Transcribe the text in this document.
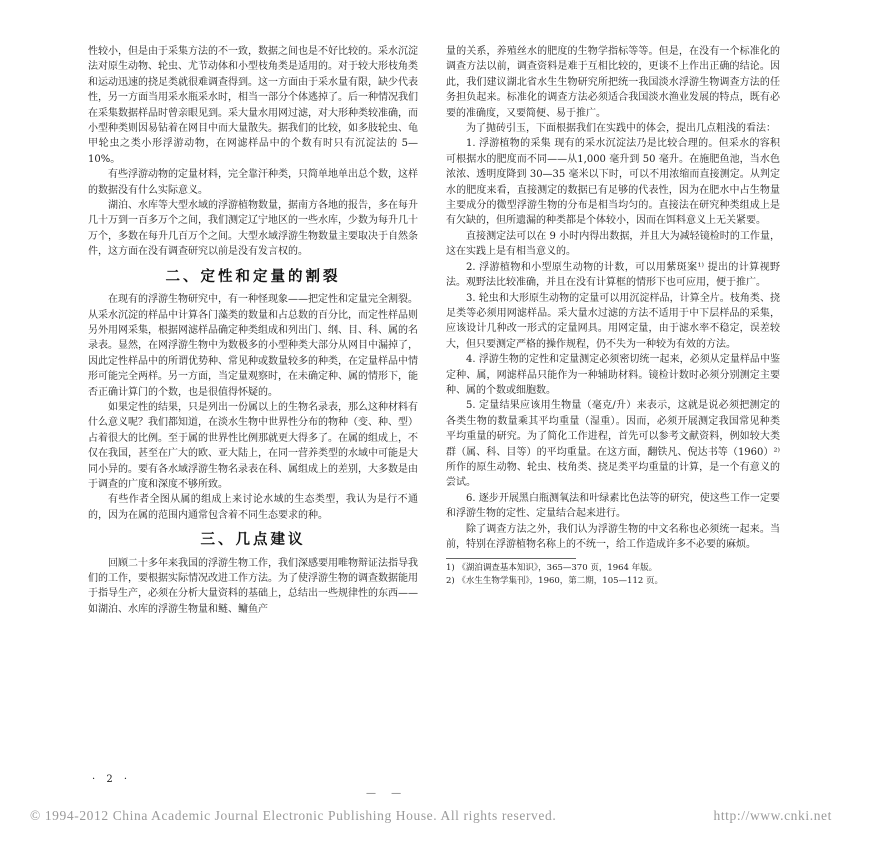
性较小，但是由于采集方法的不一致，数据之间也是不好比较的。采水沉淀法对原生动物、轮虫、尤节动体和小型枝角类是适用的。对于较大形枝角类和运动迅速的挠足类就很难调查得到。这一方面由于采水量有限，缺少代表性，另一方面当用采水瓶采水时，相当一部分个体逃掉了。后一种情况我们在采集数据样品时曾亲眼见到。采大量水用网过滤，对大形种类较准确，而小型种类则因易钻着在网目中而大量散失。据我们的比较，如多肢轮虫、龟甲轮虫之类小形浮游动物，在网滤样品中的个数有时只有沉淀法的 5—10%。

有些浮游动物的定量材料，完全靠汗种类，只简单地单出总个数，这样的数据没有什么实际意义。

湖泊、水库等大型水域的浮游植物数量，据南方各地的报告，多在每升几十万到一百多万个之间，我们测定辽宁地区的一些水库，少数为每升几十万个，多数在每升几百万个之间。大型水域浮游生物数量主要取决于自然条件，这方面在没有调查研究以前是没有发言权的。

二、定性和定量的割裂

在现有的浮游生物研究中，有一种怪现象——把定性和定量完全割裂。从采水沉淀的样品中计算各门藻类的数量和占总数的百分比，而定性样品则另外用网采集，根据网滤样品确定种类组成和列出门、纲、目、科、属的名录表。显然，在网浮游生物中为数极多的小型种类大部分从网目中漏掉了，因此定性样品中的所谓优势种、常见种或数量较多的种类，在定量样品中情形可能完全两样。另一方面，当定量观察时，在未确定种、属的情形下，能否正确计算门的个数，也是很值得怀疑的。

如果定性的结果，只是列出一份属以上的生物名录表，那么这种材料有什么意义呢？我们都知道，在淡水生物中世界性分布的物种（变、种、型）占着很大的比例。至于属的世界性比例那就更大得多了。在属的组成上，不仅在我国，甚至在广大的欧、亚大陆上，在同一营养类型的水域中可能是大同小异的。要有各水域浮游生物名录表在科、属组成上的差别，大多数是由于调查的广度和深度不够所致。

有些作者全图从属的组成上来讨论水域的生态类型，我认为是行不通的，因为在属的范围内通常包含着不同生态要求的种。

三、几点建议

回顾二十多年来我国的浮游生物工作，我们深感要用唯物辩证法指导我们的工作，要根据实际情况改进工作方法。为了使浮游生物的调查数据能用于指导生产，必须在分析大量资料的基础上，总结出一些规律性的东西——如湖泊、水库的浮游生物量和鲢、鳙鱼产

量的关系，养殖丝水的肥度的生物学指标等等。但是，在没有一个标准化的调查方法以前，调查资料是难于互相比较的，更谈不上作出正确的结论。因此，我们建议湖北省水生生物研究所把统一我国淡水浮游生物调查方法的任务担负起来。标准化的调查方法必须适合我国淡水渔业发展的特点，既有必要的准确度，又要简便、易于推广。

为了抛砖引玉，下面根据我们在实践中的体会，提出几点粗浅的看法：

1. 浮游植物的采集 现有的采水沉淀法乃是比较合理的。但采水的容积可根据水的肥度而不同——从1,000 毫升到 50 毫升。在施肥鱼池，当水色浓浓、透明度降到 30—35 毫米以下时，可以不用浓缩而直接测定。从判定水的肥度来看，直接测定的数据已有足够的代表性，因为在肥水中占生物量主要成分的微型浮游生物的分布是相当均匀的。直接法在研究种类组成上是有欠缺的，但所遗漏的种类都是个体较小，因而在饵料意义上无关紧要。

直接测定法可以在 9 小时内得出数据，并且大为减轻镜检时的工作量，这在实践上是有相当意义的。

2. 浮游植物和小型原生动物的计数，可以用紫斑案¹⁾ 提出的计算视野法。观野法比较准确，并且在没有计算框的情形下也可应用，便于推广。

3. 轮虫和大形原生动物的定量可以用沉淀样品，计算全片。枝角类、挠足类等必须用网滤样品。采大量水过滤的方法不适用于中下层样品的采集，应该设计几种改一形式的定量网具。用网定量，由于滤水率不稳定，误差较大，但只要测定严格的操作规程，仍不失为一种较为有效的方法。

4. 浮游生物的定性和定量测定必须密切统一起来，必须从定量样品中鉴定种、属，网滤样品只能作为一种辅助材料。镜检计数时必须分别测定主要种、属的个数或细胞数。

5. 定量结果应该用生物量（毫克/升）来表示，这就是说必须把测定的各类生物的数量乘其平均重量（湿重）。因而，必须开展测定我国常见种类平均重量的研究。为了简化工作进程，首先可以参考文献资料，例如较大类群（属、科、目等）的平均重量。在这方面，翻铁凡、倪达书等（1960）²⁾所作的原生动物、轮虫、枝角类、挠足类平均重量的计算，是一个有意义的尝试。

6. 逐步开展黑白瓶测氧法和叶绿素比色法等的研究，使这些工作一定要和浮游生物的定性、定量结合起来进行。

除了调查方法之外，我们认为浮游生物的中文名称也必须统一起来。当前，特别在浮游植物名称上的不统一，给工作造成许多不必要的麻烦。

1) 《湖泊调查基本知识》，365—370 页，1964 年版。

2) 《水生生物学集刊》，1960，第二期，105—112 页。

· 2 ·
— —
© 1994-2012 China Academic Journal Electronic Publishing House. All rights reserved.	http://www.cnki.net
